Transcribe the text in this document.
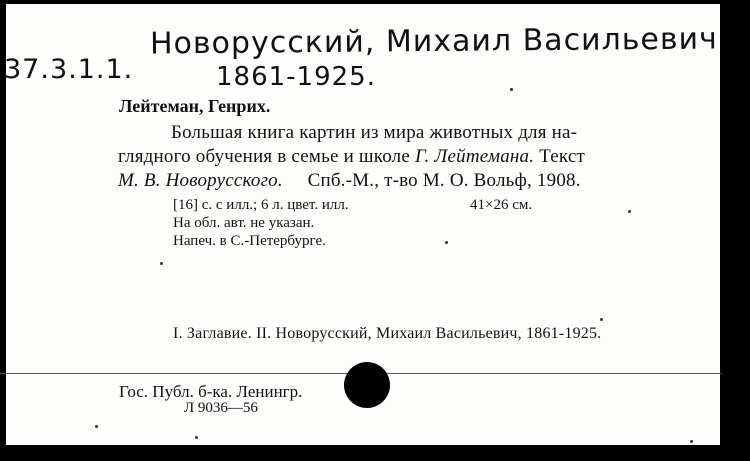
Новорусский, Михаил Васильевич
37.3.1.1.	1861-1925.
Лейтеман, Генрих.
Большая книга картин из мира животных для на-
глядного обучения в семье и школе Г. Лейтемана. Текст
М. В. Новорусского.     Спб.-М., т-во М. О. Вольф, 1908.
[16] с. с илл.; 6 л. цвет. илл.	41×26 см.
На обл. авт. не указан.
Напеч. в С.-Петербурге.
I. Заглавие. II. Новорусский, Михаил Васильевич, 1861-1925.
Гос. Публ. б-ка. Ленингр.
Л 9036—56
